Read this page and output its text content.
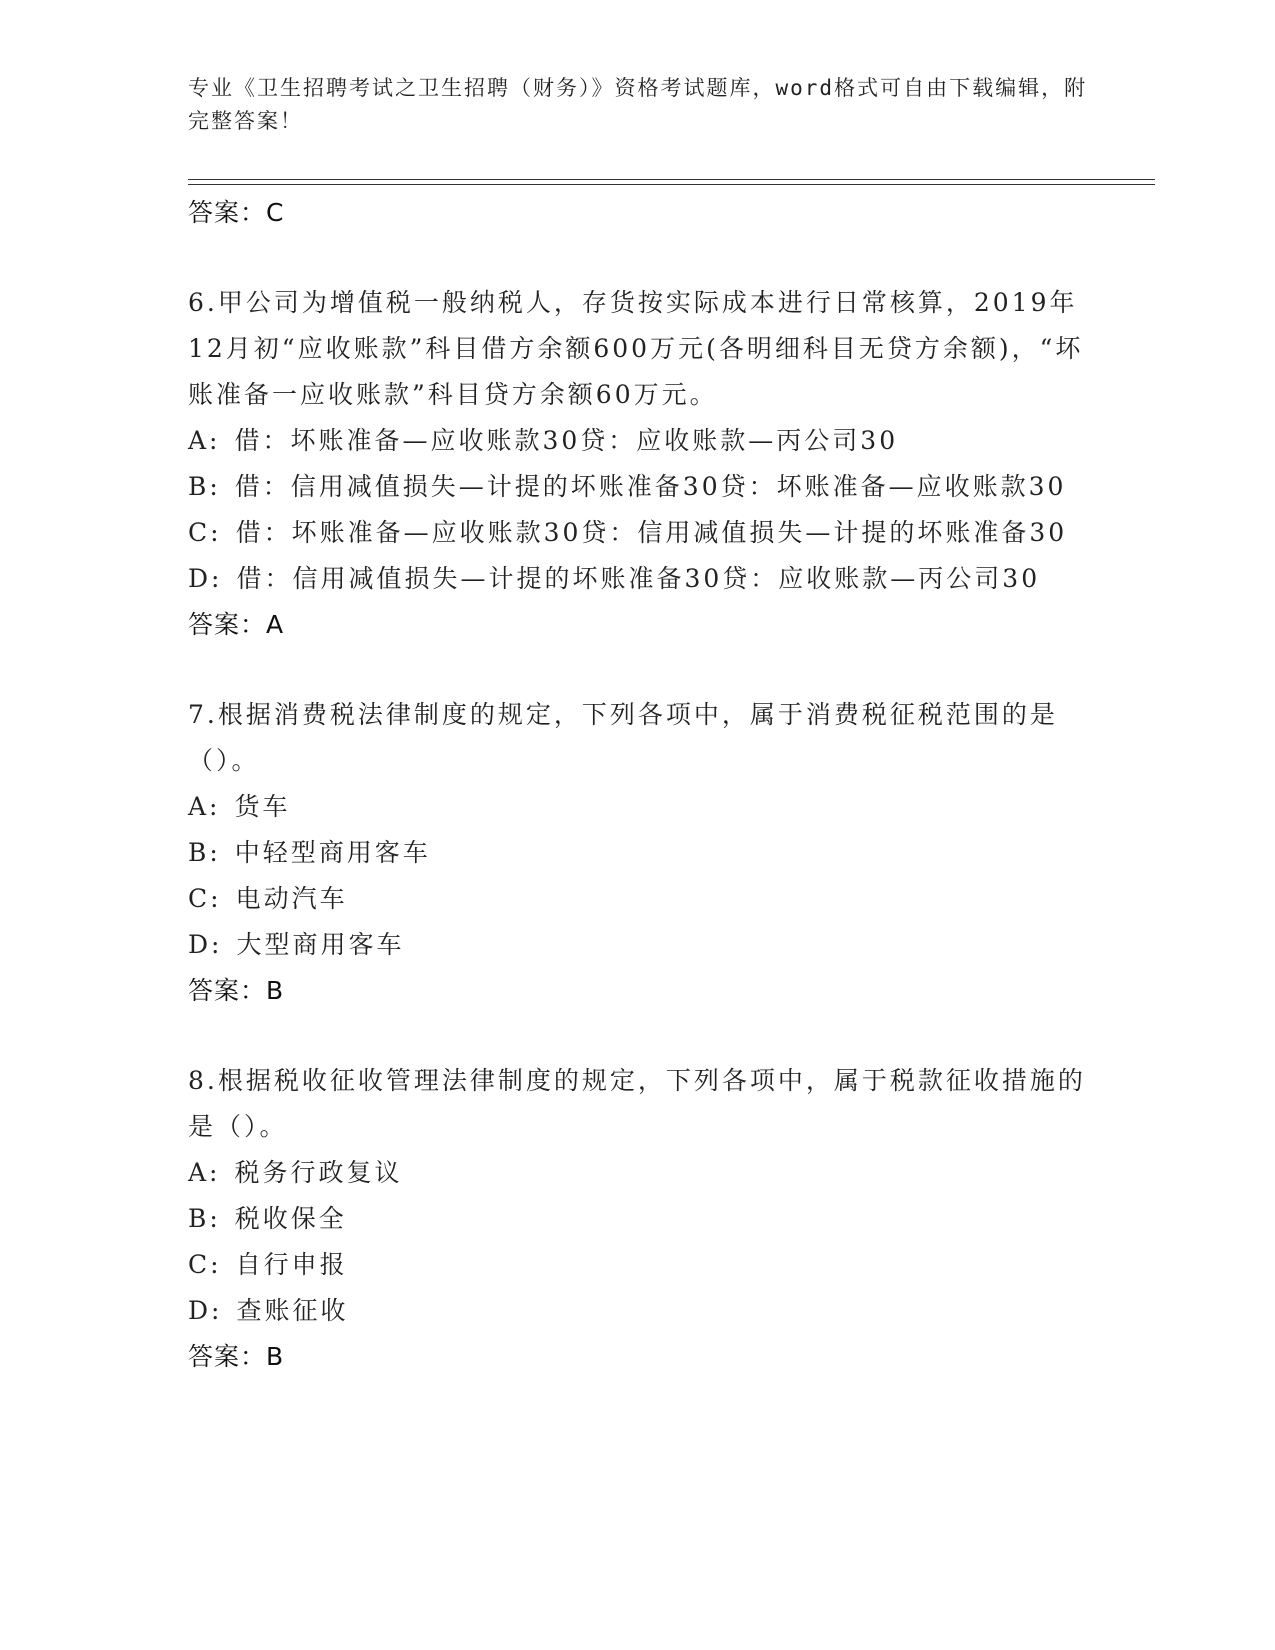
专业《卫生招聘考试之卫生招聘（财务）》资格考试题库，word格式可自由下载编辑，附完整答案！
答案：C

6.甲公司为增值税一般纳税人，存货按实际成本进行日常核算，2019年12月初“应收账款”科目借方余额600万元(各明细科目无贷方余额)，“坏账准备一应收账款”科目贷方余额60万元。

A: 借：坏账准备—应收账款30贷：应收账款—丙公司30

B: 借：信用减值损失—计提的坏账准备30贷：坏账准备—应收账款30

C: 借：坏账准备—应收账款30贷：信用减值损失—计提的坏账准备30

D: 借：信用减值损失—计提的坏账准备30贷：应收账款—丙公司30

答案：A

7.根据消费税法律制度的规定，下列各项中，属于消费税征税范围的是（）。

A: 货车

B: 中轻型商用客车

C: 电动汽车

D: 大型商用客车

答案：B

8.根据税收征收管理法律制度的规定，下列各项中，属于税款征收措施的是（）。

A: 税务行政复议

B: 税收保全

C: 自行申报

D: 查账征收

答案：B
